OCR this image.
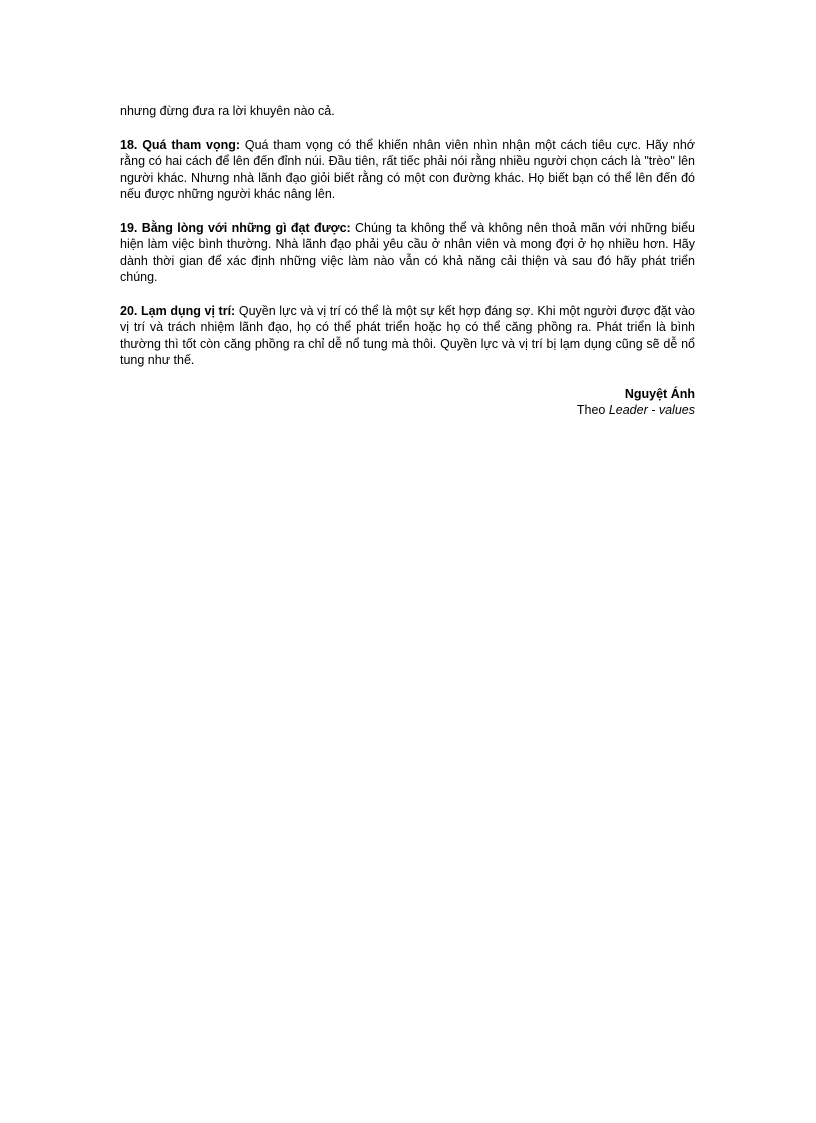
nhưng đừng đưa ra lời khuyên nào cả.

18. Quá tham vọng: Quá tham vọng có thể khiến nhân viên nhìn nhận một cách tiêu cực. Hãy nhớ rằng có hai cách để lên đến đỉnh núi. Đầu tiên, rất tiếc phải nói rằng nhiều người chọn cách là "trèo" lên người khác. Nhưng nhà lãnh đạo giỏi biết rằng có một con đường khác. Họ biết bạn có thể lên đến đó nếu được những người khác nâng lên.

19. Bằng lòng với những gì đạt được: Chúng ta không thể và không nên thoả mãn với những biểu hiện làm việc bình thường. Nhà lãnh đạo phải yêu cầu ở nhân viên và mong đợi ở họ nhiều hơn. Hãy dành thời gian để xác định những việc làm nào vẫn có khả năng cải thiện và sau đó hãy phát triển chúng.

20. Lạm dụng vị trí: Quyền lực và vị trí có thể là một sự kết hợp đáng sợ. Khi một người được đặt vào vị trí và trách nhiệm lãnh đạo, họ có thể phát triển hoặc họ có thể căng phồng ra. Phát triển là bình thường thì tốt còn căng phồng ra chỉ dễ nổ tung mà thôi. Quyền lực và vị trí bị lạm dụng cũng sẽ dễ nổ tung như thế.

Nguyệt Ánh
Theo Leader - values
